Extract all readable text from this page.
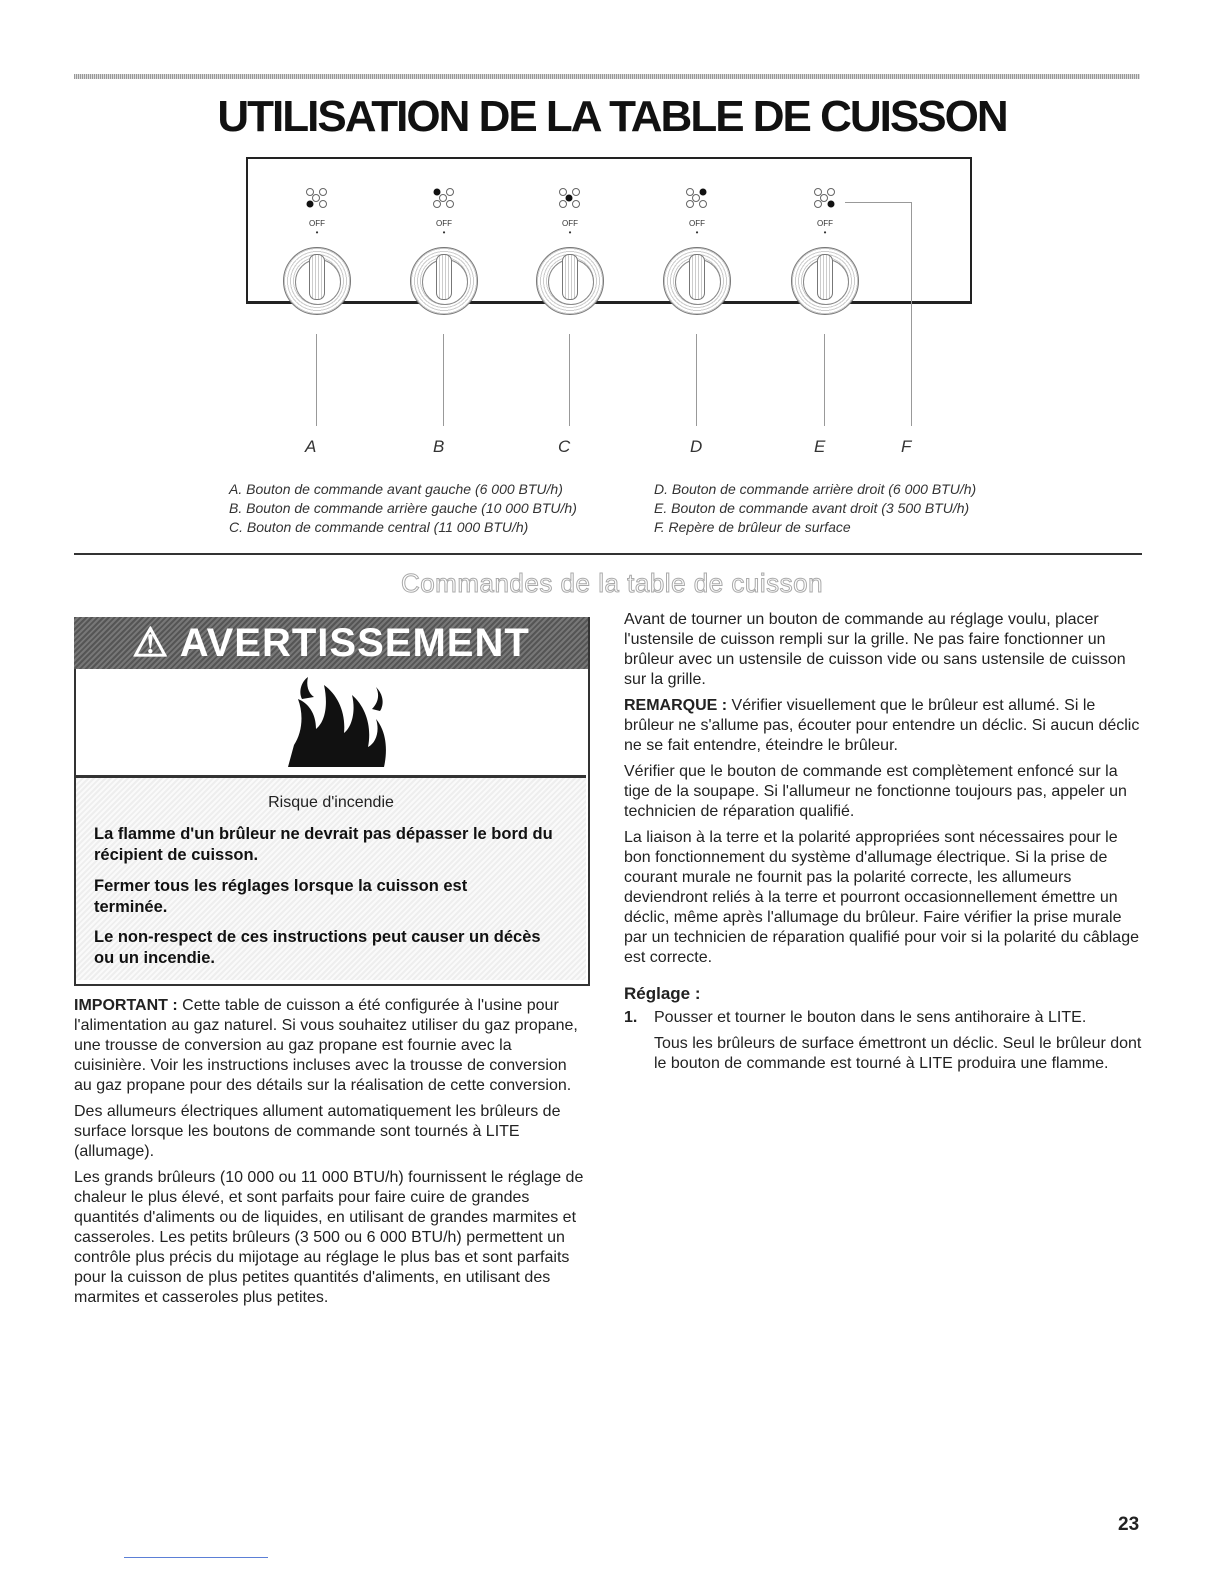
UTILISATION DE LA TABLE DE CUISSON
OFF
•
OFF
•
OFF
•
OFF
•
OFF
•
A	B	C	D	E	F
A. Bouton de commande avant gauche (6 000 BTU/h)
B. Bouton de commande arrière gauche (10 000 BTU/h)
C. Bouton de commande central (11 000 BTU/h)
D. Bouton de commande arrière droit (6 000 BTU/h)
E. Bouton de commande avant droit (3 500 BTU/h)
F. Repère de brûleur de surface
Commandes de la table de cuisson
⚠ AVERTISSEMENT
Risque d'incendie
La flamme d'un brûleur ne devrait pas dépasser le bord du récipient de cuisson.
Fermer tous les réglages lorsque la cuisson est terminée.
Le non-respect de ces instructions peut causer un décès ou un incendie.

IMPORTANT : Cette table de cuisson a été configurée à l'usine pour l'alimentation au gaz naturel. Si vous souhaitez utiliser du gaz propane, une trousse de conversion au gaz propane est fournie avec la cuisinière. Voir les instructions incluses avec la trousse de conversion au gaz propane pour des détails sur la réalisation de cette conversion.

Des allumeurs électriques allument automatiquement les brûleurs de surface lorsque les boutons de commande sont tournés à LITE (allumage).

Les grands brûleurs (10 000 ou 11 000 BTU/h) fournissent le réglage de chaleur le plus élevé, et sont parfaits pour faire cuire de grandes quantités d'aliments ou de liquides, en utilisant de grandes marmites et casseroles. Les petits brûleurs (3 500 ou 6 000 BTU/h) permettent un contrôle plus précis du mijotage au réglage le plus bas et sont parfaits pour la cuisson de plus petites quantités d'aliments, en utilisant des marmites et casseroles plus petites.

Avant de tourner un bouton de commande au réglage voulu, placer l'ustensile de cuisson rempli sur la grille. Ne pas faire fonctionner un brûleur avec un ustensile de cuisson vide ou sans ustensile de cuisson sur la grille.

REMARQUE : Vérifier visuellement que le brûleur est allumé. Si le brûleur ne s'allume pas, écouter pour entendre un déclic. Si aucun déclic ne se fait entendre, éteindre le brûleur.

Vérifier que le bouton de commande est complètement enfoncé sur la tige de la soupape. Si l'allumeur ne fonctionne toujours pas, appeler un technicien de réparation qualifié.

La liaison à la terre et la polarité appropriées sont nécessaires pour le bon fonctionnement du système d'allumage électrique. Si la prise de courant murale ne fournit pas la polarité correcte, les allumeurs deviendront reliés à la terre et pourront occasionnellement émettre un déclic, même après l'allumage du brûleur. Faire vérifier la prise murale par un technicien de réparation qualifié pour voir si la polarité du câblage est correcte.

Réglage :

1. Pousser et tourner le bouton dans le sens antihoraire à LITE.

Tous les brûleurs de surface émettront un déclic. Seul le brûleur dont le bouton de commande est tourné à LITE produira une flamme.

23
